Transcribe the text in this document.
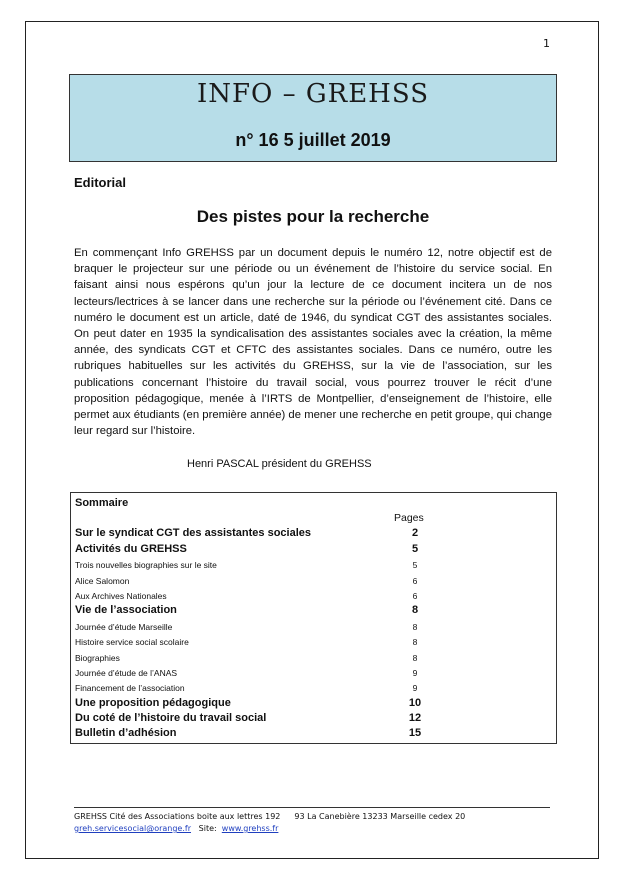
1
INFO – GREHSS
n° 16 5 juillet 2019
Editorial
Des pistes pour la recherche

En commençant Info GREHSS par un document depuis le numéro 12, notre objectif est de braquer le projecteur sur une période ou un événement de l’histoire du service social. En faisant ainsi nous espérons qu’un jour la lecture de ce document incitera un de nos lecteurs/lectrices à se lancer dans une recherche sur la période ou l’événement cité. Dans ce numéro le document est un article, daté de 1946, du syndicat CGT des assistantes sociales. On peut dater en 1935 la syndicalisation des assistantes sociales avec la création, la même année, des syndicats CGT et CFTC des assistantes sociales. Dans ce numéro, outre les rubriques habituelles sur les activités du GREHSS, sur la vie de l’association, sur les publications concernant l’histoire du travail social, vous pourrez trouver le récit d’une proposition pédagogique, menée à l’IRTS de Montpellier, d’enseignement de l’histoire, elle permet aux étudiants (en première année) de mener une recherche en petit groupe, qui change leur regard sur l’histoire.

Henri PASCAL président du GREHSS
Sommaire
Pages
Sur le syndicat CGT des assistantes sociales	2
Activités du GREHSS	5
Trois nouvelles biographies sur le site	5
Alice Salomon	6
Aux Archives Nationales	6
Vie de l’association	8
Journée d’étude Marseille	8
Histoire service social scolaire	8
Biographies	8
Journée d’étude de l’ANAS	9
Financement de l’association	9
Une proposition pédagogique	10
Du coté de l’histoire du travail social	12
Bulletin d’adhésion	15
GREHSS Cité des Associations boite aux lettres 192 93 La Canebière 13233 Marseille cedex 20
greh.servicesocial@orange.fr Site: www.grehss.fr
